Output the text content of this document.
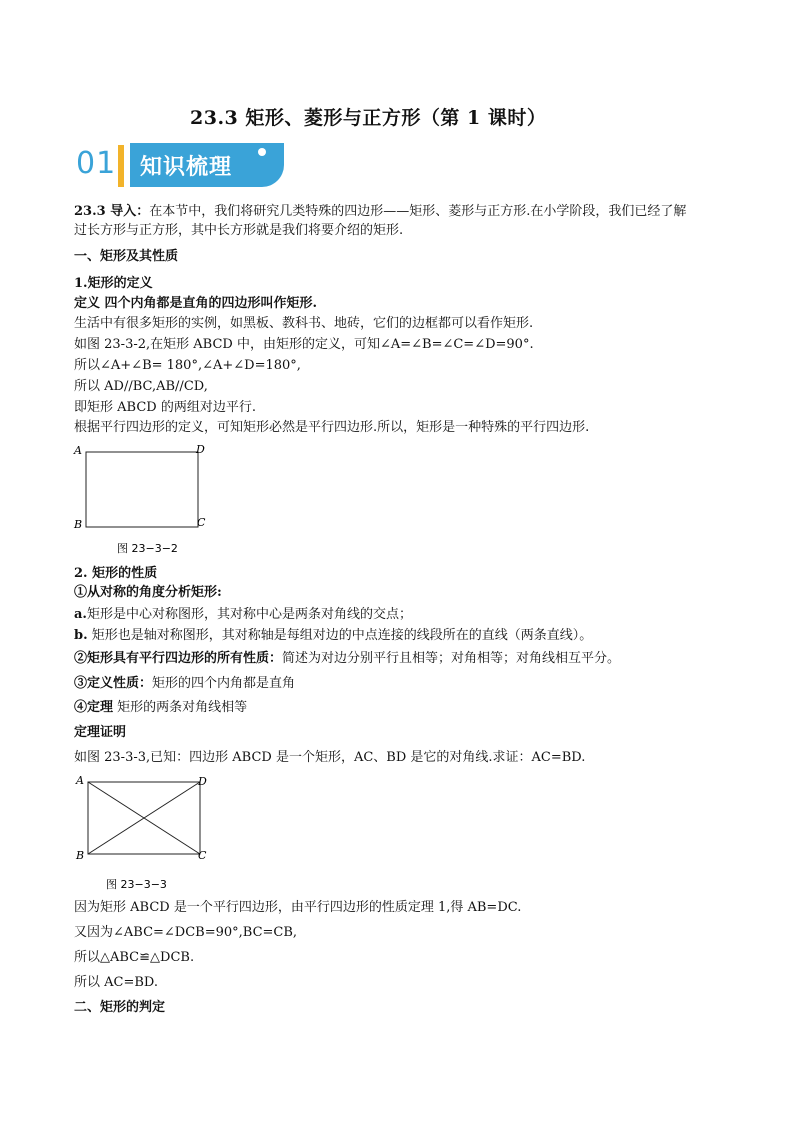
23.3 矩形、菱形与正方形（第 1 课时）
01 知识梳理
23.3 导入：在本节中，我们将研究几类特殊的四边形——矩形、菱形与正方形.在小学阶段，我们已经了解
过长方形与正方形，其中长方形就是我们将要介绍的矩形.
一、矩形及其性质
1.矩形的定义
定义 四个内角都是直角的四边形叫作矩形.
生活中有很多矩形的实例，如黑板、教科书、地砖，它们的边框都可以看作矩形.
如图 23-3-2,在矩形 ABCD 中，由矩形的定义，可知∠A=∠B=∠C=∠D=90°.
所以∠A+∠B= 180°,∠A+∠D=180°,
所以 AD//BC,AB//CD,
即矩形 ABCD 的两组对边平行.
根据平行四边形的定义，可知矩形必然是平行四边形.所以，矩形是一种特殊的平行四边形.
A	D
B	C
图 23−3−2
2. 矩形的性质
①从对称的角度分析矩形:
a.矩形是中心对称图形，其对称中心是两条对角线的交点；
b. 矩形也是轴对称图形，其对称轴是每组对边的中点连接的线段所在的直线（两条直线）。
②矩形具有平行四边形的所有性质：简述为对边分别平行且相等；对角相等；对角线相互平分。
③定义性质：矩形的四个内角都是直角
④定理 矩形的两条对角线相等
定理证明
如图 23-3-3,已知：四边形 ABCD 是一个矩形，AC、BD 是它的对角线.求证：AC=BD.
A	D
B	C
图 23−3−3
因为矩形 ABCD 是一个平行四边形，由平行四边形的性质定理 1,得 AB=DC.
又因为∠ABC=∠DCB=90°,BC=CB,
所以△ABC≌△DCB.
所以 AC=BD.
二、矩形的判定
